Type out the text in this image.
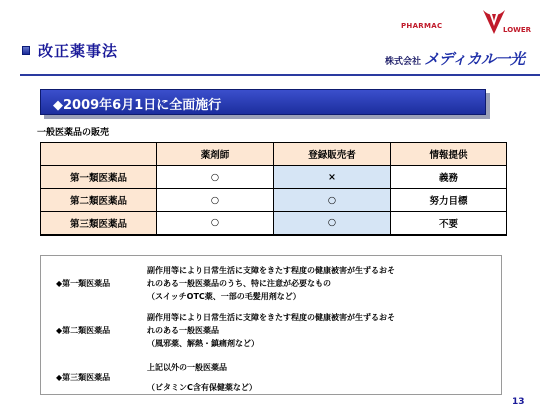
改正薬事法
PHARMAC	LOWER
株式会社 メディカル一光
◆2009年6月1日に全面施行
一般医薬品の販売
	薬剤師	登録販売者	情報提供
第一類医薬品	○	×	義務
第二類医薬品	○	○	努力目標
第三類医薬品	○	○	不要
◆第一類医薬品
副作用等により日常生活に支障をきたす程度の健康被害が生ずるおそ
れのある一般医薬品のうち、特に注意が必要なもの
（スイッチOTC薬、一部の毛髪用剤など）
◆第二類医薬品
副作用等により日常生活に支障をきたす程度の健康被害が生ずるおそ
れのある一般医薬品
（風邪薬、解熱・鎮痛剤など）
◆第三類医薬品
上記以外の一般医薬品
（ビタミンC含有保健薬など）
13
